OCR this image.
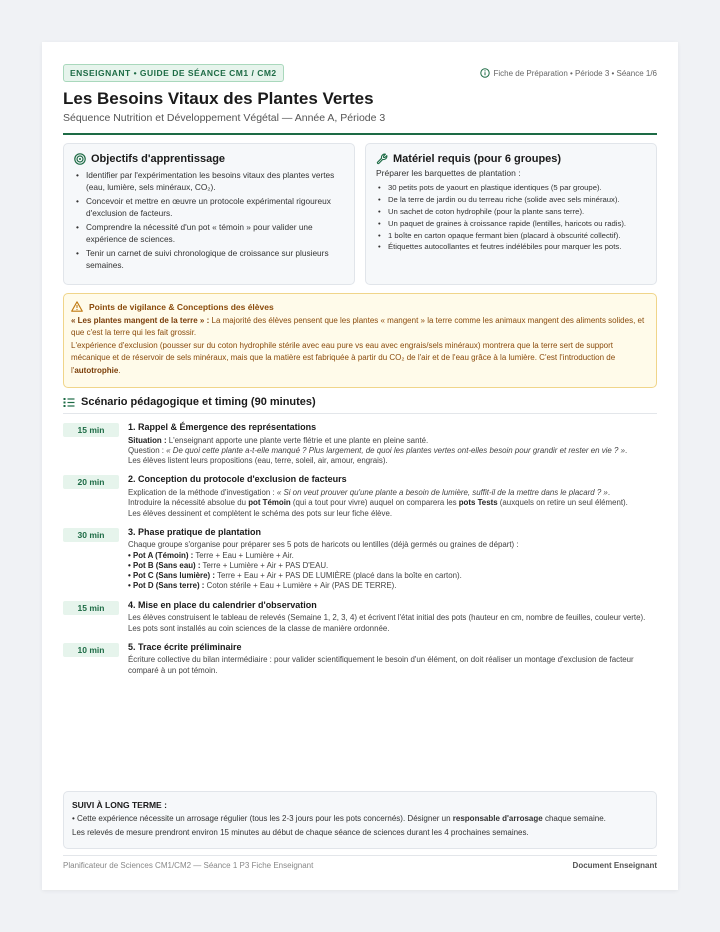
ENSEIGNANT • GUIDE DE SÉANCE CM1 / CM2	Fiche de Préparation • Période 3 • Séance 1/6
Les Besoins Vitaux des Plantes Vertes
Séquence Nutrition et Développement Végétal — Année A, Période 3
Objectifs d'apprentissage
• Identifier par l'expérimentation les besoins vitaux des plantes vertes (eau, lumière, sels minéraux, CO₂).
• Concevoir et mettre en œuvre un protocole expérimental rigoureux d'exclusion de facteurs.
• Comprendre la nécessité d'un pot « témoin » pour valider une expérience de sciences.
• Tenir un carnet de suivi chronologique de croissance sur plusieurs semaines.
Matériel requis (pour 6 groupes)
Préparer les barquettes de plantation :
• 30 petits pots de yaourt en plastique identiques (5 par groupe).
• De la terre de jardin ou du terreau riche (solide avec sels minéraux).
• Un sachet de coton hydrophile (pour la plante sans terre).
• Un paquet de graines à croissance rapide (lentilles, haricots ou radis).
• 1 boîte en carton opaque fermant bien (placard à obscurité collectif).
• Étiquettes autocollantes et feutres indélébiles pour marquer les pots.
Points de vigilance & Conceptions des élèves

« Les plantes mangent de la terre » : La majorité des élèves pensent que les plantes « mangent » la terre comme les animaux mangent des aliments solides, et que c'est la terre qui les fait grossir.

L'expérience d'exclusion (pousser sur du coton hydrophile stérile avec eau pure vs eau avec engrais/sels minéraux) montrera que la terre sert de support mécanique et de réservoir de sels minéraux, mais que la matière est fabriquée à partir du CO₂ de l'air et de l'eau grâce à la lumière. C'est l'introduction de l'autotrophie.

Scénario pédagogique et timing (90 minutes)
15 min	1. Rappel & Émergence des représentations
Situation : L'enseignant apporte une plante verte flétrie et une plante en pleine santé.
Question : « De quoi cette plante a-t-elle manqué ? Plus largement, de quoi les plantes vertes ont-elles besoin pour grandir et rester en vie ? ».
Les élèves listent leurs propositions (eau, terre, soleil, air, amour, engrais).
20 min	2. Conception du protocole d'exclusion de facteurs
Explication de la méthode d'investigation : « Si on veut prouver qu'une plante a besoin de lumière, suffit-il de la mettre dans le placard ? ».
Introduire la nécessité absolue du pot Témoin (qui a tout pour vivre) auquel on comparera les pots Tests (auxquels on retire un seul élément).
Les élèves dessinent et complètent le schéma des pots sur leur fiche élève.
30 min	3. Phase pratique de plantation
Chaque groupe s'organise pour préparer ses 5 pots de haricots ou lentilles (déjà germés ou graines de départ) :
• Pot A (Témoin) : Terre + Eau + Lumière + Air.
• Pot B (Sans eau) : Terre + Lumière + Air + PAS D'EAU.
• Pot C (Sans lumière) : Terre + Eau + Air + PAS DE LUMIÈRE (placé dans la boîte en carton).
• Pot D (Sans terre) : Coton stérile + Eau + Lumière + Air (PAS DE TERRE).
15 min	4. Mise en place du calendrier d'observation
Les élèves construisent le tableau de relevés (Semaine 1, 2, 3, 4) et écrivent l'état initial des pots (hauteur en cm, nombre de feuilles, couleur verte). Les pots sont installés au coin sciences de la classe de manière ordonnée.
10 min	5. Trace écrite préliminaire
Écriture collective du bilan intermédiaire : pour valider scientifiquement le besoin d'un élément, on doit réaliser un montage d'exclusion de facteur comparé à un pot témoin.
SUIVI À LONG TERME :

• Cette expérience nécessite un arrosage régulier (tous les 2-3 jours pour les pots concernés). Désigner un responsable d'arrosage chaque semaine.

Les relevés de mesure prendront environ 15 minutes au début de chaque séance de sciences durant les 4 prochaines semaines.

Planificateur de Sciences CM1/CM2 — Séance 1 P3 Fiche Enseignant	Document Enseignant
